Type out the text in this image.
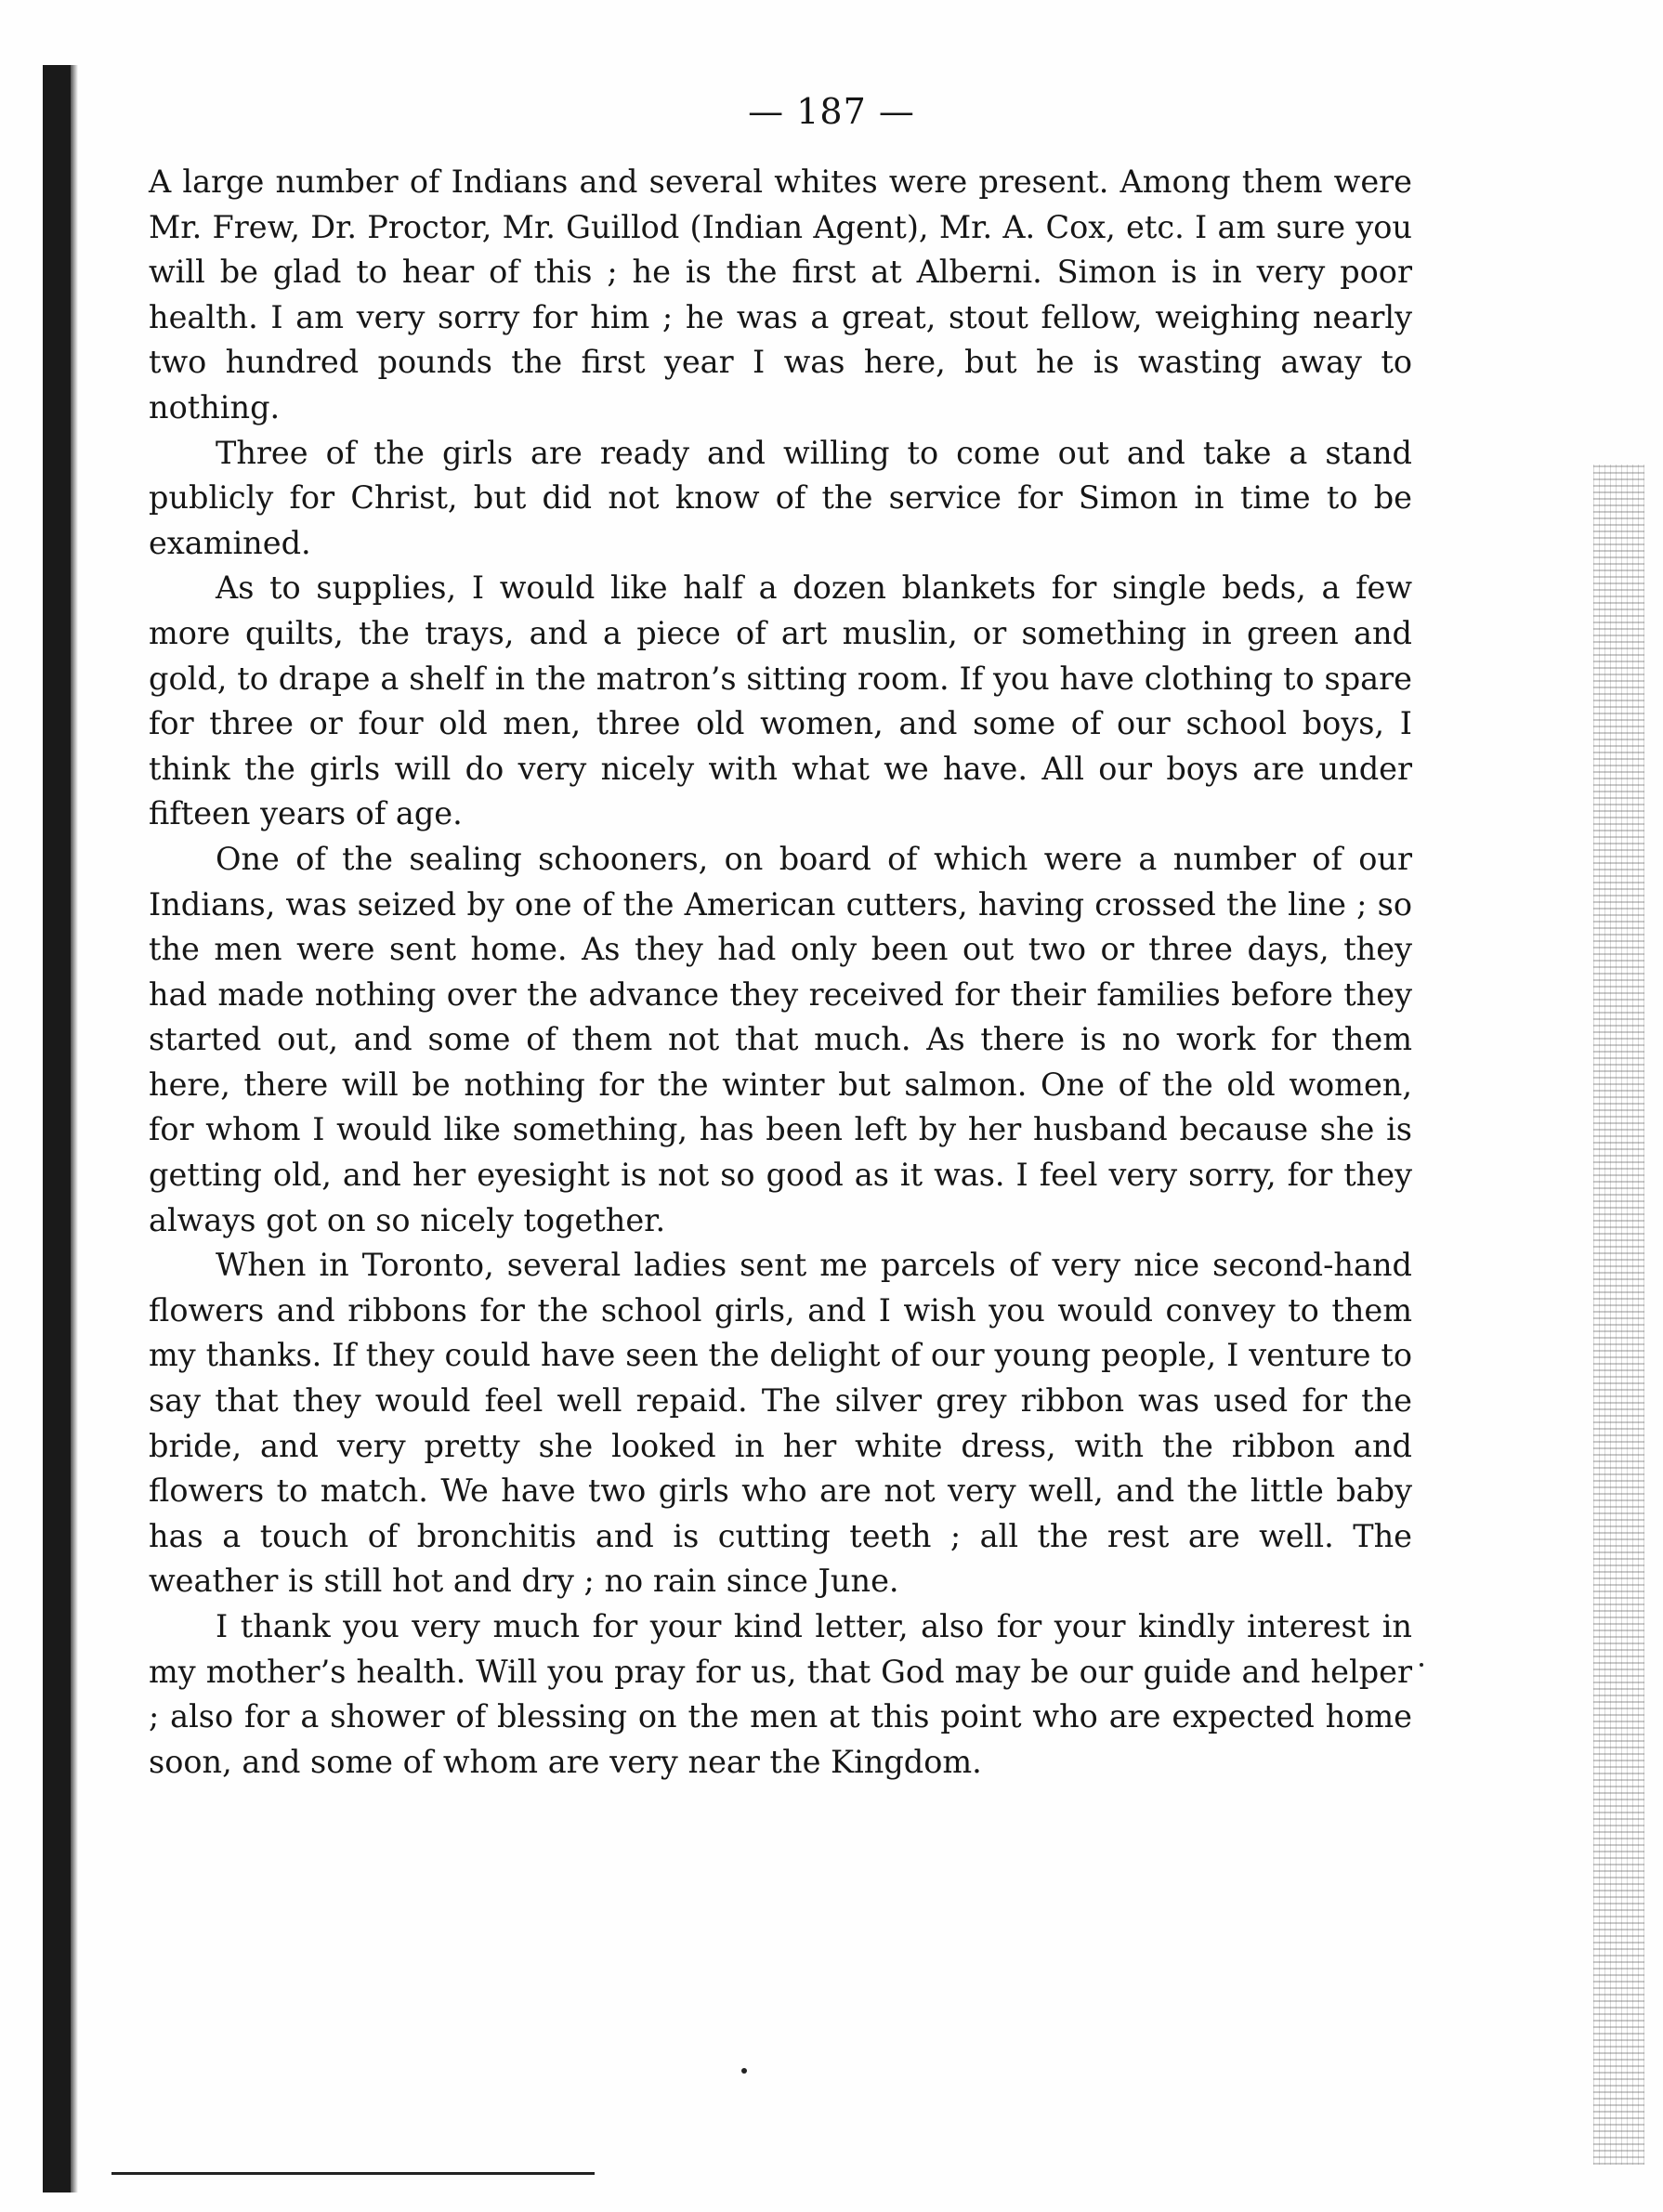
— 187 —

A large number of Indians and several whites were present. Among them were Mr. Frew, Dr. Proctor, Mr. Guillod (Indian Agent), Mr. A. Cox, etc. I am sure you will be glad to hear of this ; he is the first at Alberni. Simon is in very poor health. I am very sorry for him ; he was a great, stout fellow, weighing nearly two hundred pounds the first year I was here, but he is wasting away to nothing.

Three of the girls are ready and willing to come out and take a stand publicly for Christ, but did not know of the service for Simon in time to be examined.

As to supplies, I would like half a dozen blankets for single beds, a few more quilts, the trays, and a piece of art muslin, or something in green and gold, to drape a shelf in the matron’s sitting room. If you have clothing to spare for three or four old men, three old women, and some of our school boys, I think the girls will do very nicely with what we have. All our boys are under fifteen years of age.

One of the sealing schooners, on board of which were a number of our Indians, was seized by one of the American cutters, having crossed the line ; so the men were sent home. As they had only been out two or three days, they had made nothing over the advance they received for their families before they started out, and some of them not that much. As there is no work for them here, there will be nothing for the winter but salmon. One of the old women, for whom I would like something, has been left by her husband because she is getting old, and her eyesight is not so good as it was. I feel very sorry, for they always got on so nicely together.

When in Toronto, several ladies sent me parcels of very nice second-hand flowers and ribbons for the school girls, and I wish you would convey to them my thanks. If they could have seen the delight of our young people, I venture to say that they would feel well repaid. The silver grey ribbon was used for the bride, and very pretty she looked in her white dress, with the ribbon and flowers to match. We have two girls who are not very well, and the little baby has a touch of bronchitis and is cutting teeth ; all the rest are well. The weather is still hot and dry ; no rain since June.

I thank you very much for your kind letter, also for your kindly interest in my mother’s health. Will you pray for us, that God may be our guide and helper ; also for a shower of blessing on the men at this point who are expected home soon, and some of whom are very near the Kingdom.
